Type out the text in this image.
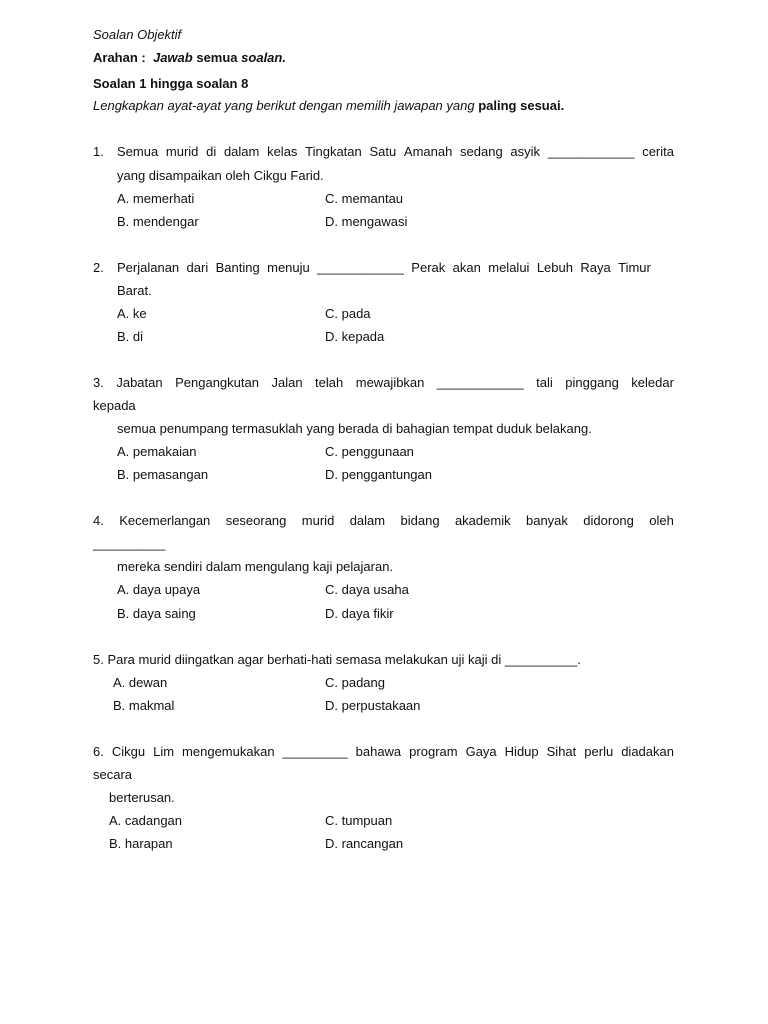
Soalan Objektif
Arahan : Jawab semua soalan.
Soalan 1 hingga soalan 8
Lengkapkan ayat-ayat yang berikut dengan memilih jawapan yang paling sesuai.
1. Semua murid di dalam kelas Tingkatan Satu Amanah sedang asyik ____________ cerita
yang disampaikan oleh Cikgu Farid.
A. memerhati
B. mendengar
C. memantau
D. mengawasi
2. Perjalanan dari Banting menuju ____________ Perak akan melalui Lebuh Raya Timur
Barat.
A. ke
B. di
C. pada
D. kepada
3. Jabatan Pengangkutan Jalan telah mewajibkan ____________ tali pinggang keledar
kepada
semua penumpang termasuklah yang berada di bahagian tempat duduk belakang.
A. pemakaian
B. pemasangan
C. penggunaan
D. penggantungan
4. Kecemerlangan seseorang murid dalam bidang akademik banyak didorong oleh
__________
mereka sendiri dalam mengulang kaji pelajaran.
A. daya upaya
B. daya saing
C. daya usaha
D. daya fikir
5. Para murid diingatkan agar berhati-hati semasa melakukan uji kaji di __________.
A. dewan
B. makmal
C. padang
D. perpustakaan
6. Cikgu Lim mengemukakan _________ bahawa program Gaya Hidup Sihat perlu diadakan
secara
berterusan.
A. cadangan
B. harapan
C. tumpuan
D. rancangan
